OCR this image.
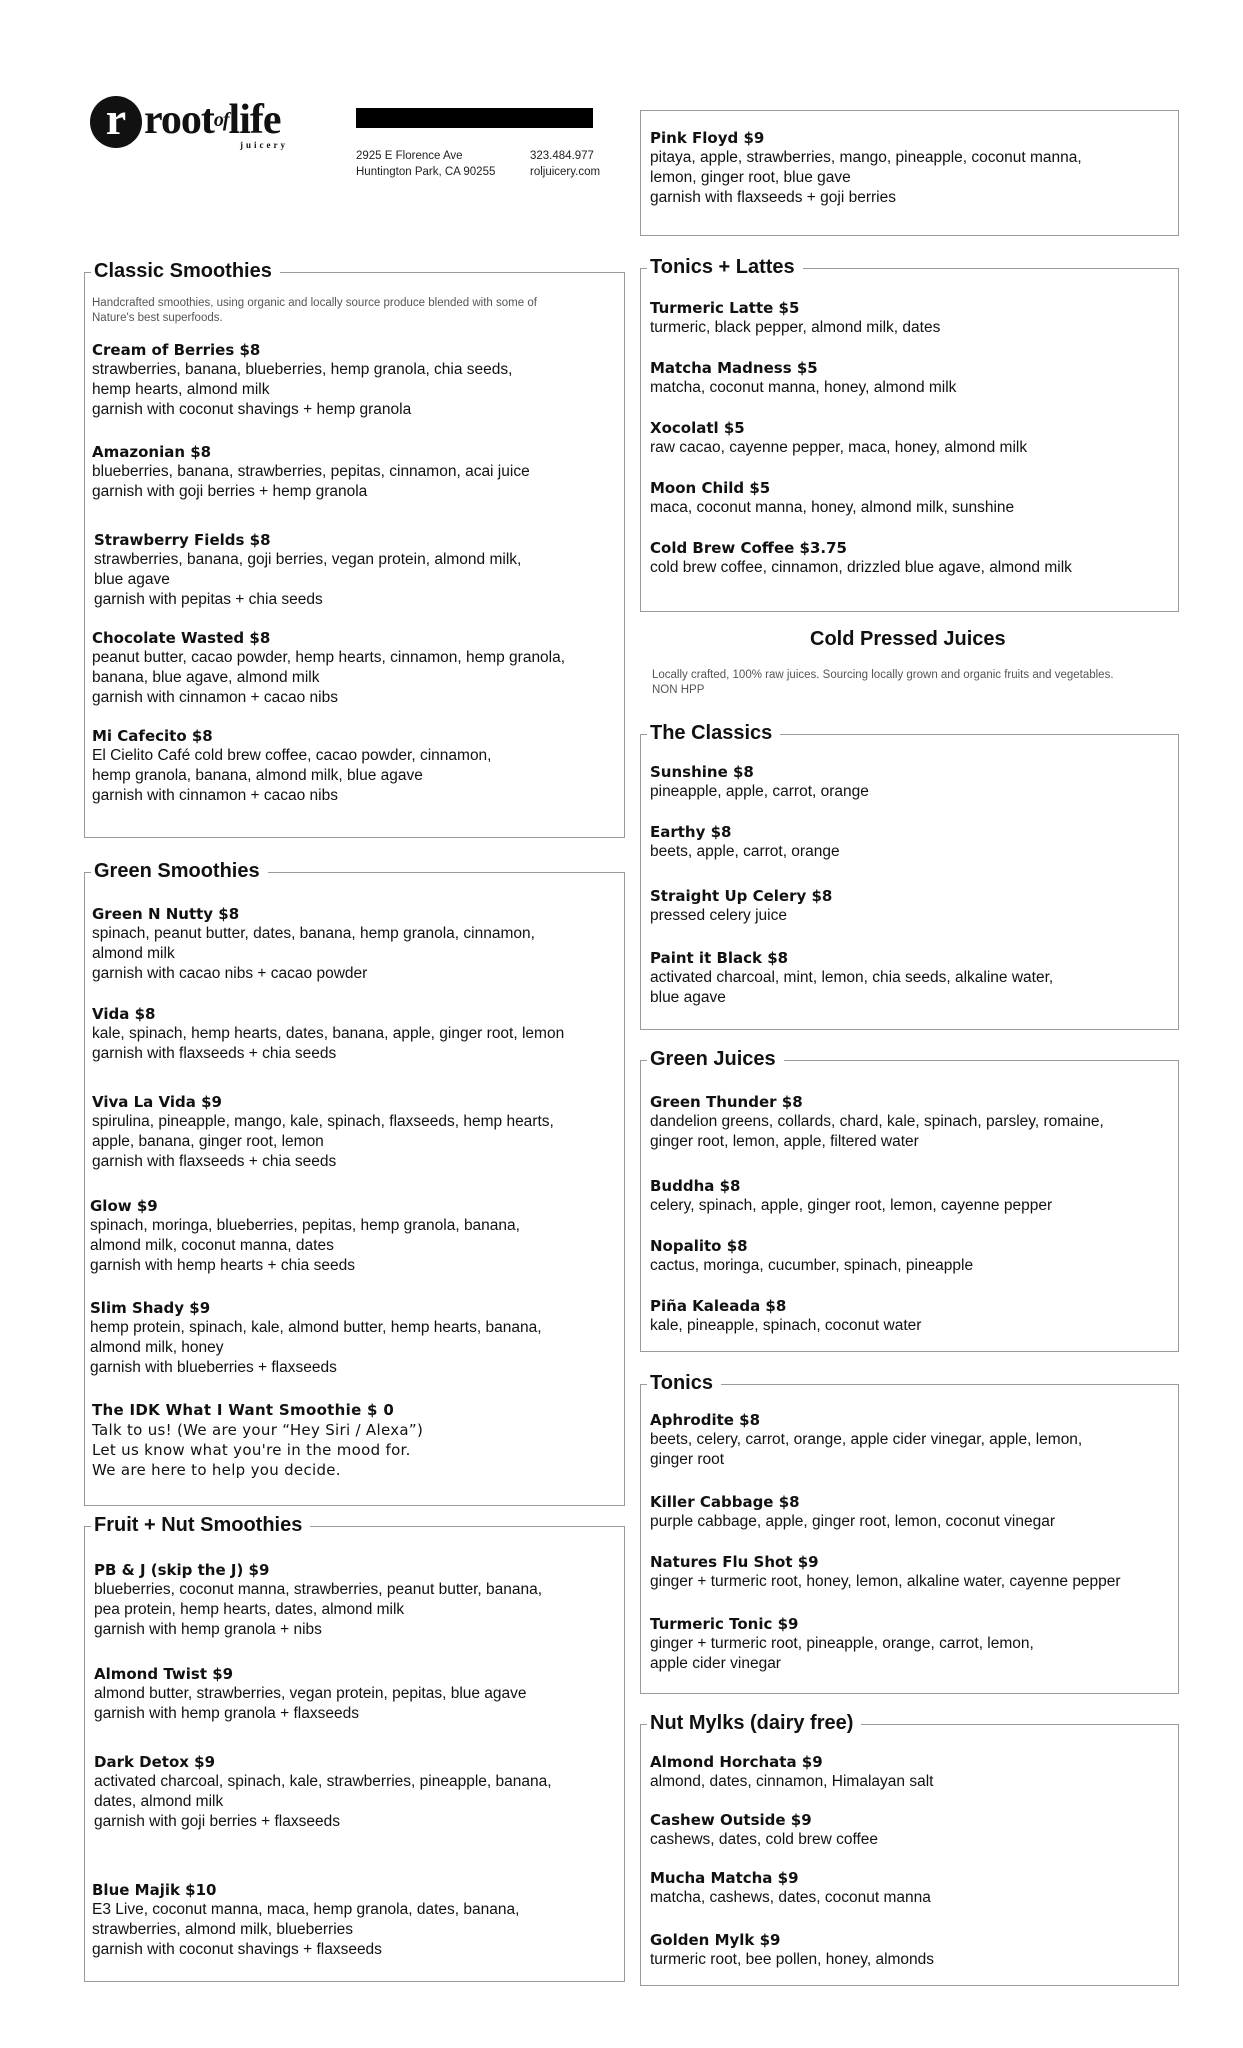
r root$^{of}$life
juicery
2925 E Florence Ave
Huntington Park, CA 90255
323.484.977
roljuicery.com
Classic Smoothies
Handcrafted smoothies, using organic and locally source produce blended with some of
Nature's best superfoods.
Cream of Berries $8
strawberries, banana, blueberries, hemp granola, chia seeds,
hemp hearts, almond milk
garnish with coconut shavings + hemp granola
Amazonian $8
blueberries, banana, strawberries, pepitas, cinnamon, acai juice
garnish with goji berries + hemp granola
Strawberry Fields $8
strawberries, banana, goji berries, vegan protein, almond milk,
blue agave
garnish with pepitas + chia seeds
Chocolate Wasted $8
peanut butter, cacao powder, hemp hearts, cinnamon, hemp granola,
banana, blue agave, almond milk
garnish with cinnamon + cacao nibs
Mi Cafecito $8
El Cielito Café cold brew coffee, cacao powder, cinnamon,
hemp granola, banana, almond milk, blue agave
garnish with cinnamon + cacao nibs
Green Smoothies
Green N Nutty $8
spinach, peanut butter, dates, banana, hemp granola, cinnamon,
almond milk
garnish with cacao nibs + cacao powder
Vida $8
kale, spinach, hemp hearts, dates, banana, apple, ginger root, lemon
garnish with flaxseeds + chia seeds
Viva La Vida $9
spirulina, pineapple, mango, kale, spinach, flaxseeds, hemp hearts,
apple, banana, ginger root, lemon
garnish with flaxseeds + chia seeds
Glow $9
spinach, moringa, blueberries, pepitas, hemp granola, banana,
almond milk, coconut manna, dates
garnish with hemp hearts + chia seeds
Slim Shady $9
hemp protein, spinach, kale, almond butter, hemp hearts, banana,
almond milk, honey
garnish with blueberries + flaxseeds
The IDK What I Want Smoothie $ 0
Talk to us! (We are your “Hey Siri / Alexa”)
Let us know what you're in the mood for.
We are here to help you decide.
Fruit + Nut Smoothies
PB & J (skip the J) $9
blueberries, coconut manna, strawberries, peanut butter, banana,
pea protein, hemp hearts, dates, almond milk
garnish with hemp granola + nibs
Almond Twist $9
almond butter, strawberries, vegan protein, pepitas, blue agave
garnish with hemp granola + flaxseeds
Dark Detox $9
activated charcoal, spinach, kale, strawberries, pineapple, banana,
dates, almond milk
garnish with goji berries + flaxseeds
Blue Majik $10
E3 Live, coconut manna, maca, hemp granola, dates, banana,
strawberries, almond milk, blueberries
garnish with coconut shavings + flaxseeds
Pink Floyd $9
pitaya, apple, strawberries, mango, pineapple, coconut manna,
lemon, ginger root, blue gave
garnish with flaxseeds + goji berries
Tonics + Lattes
Turmeric Latte $5
turmeric, black pepper, almond milk, dates
Matcha Madness $5
matcha, coconut manna, honey, almond milk
Xocolatl $5
raw cacao, cayenne pepper, maca, honey, almond milk
Moon Child $5
maca, coconut manna, honey, almond milk, sunshine
Cold Brew Coffee $3.75
cold brew coffee, cinnamon, drizzled blue agave, almond milk
Cold Pressed Juices
Locally crafted, 100% raw juices. Sourcing locally grown and organic fruits and vegetables.
NON HPP
The Classics
Sunshine $8
pineapple, apple, carrot, orange
Earthy $8
beets, apple, carrot, orange
Straight Up Celery $8
pressed celery juice
Paint it Black $8
activated charcoal, mint, lemon, chia seeds, alkaline water,
blue agave
Green Juices
Green Thunder $8
dandelion greens, collards, chard, kale, spinach, parsley, romaine,
ginger root, lemon, apple, filtered water
Buddha $8
celery, spinach, apple, ginger root, lemon, cayenne pepper
Nopalito $8
cactus, moringa, cucumber, spinach, pineapple
Piña Kaleada $8
kale, pineapple, spinach, coconut water
Tonics
Aphrodite $8
beets, celery, carrot, orange, apple cider vinegar, apple, lemon,
ginger root
Killer Cabbage $8
purple cabbage, apple, ginger root, lemon, coconut vinegar
Natures Flu Shot $9
ginger + turmeric root, honey, lemon, alkaline water, cayenne pepper
Turmeric Tonic $9
ginger + turmeric root, pineapple, orange, carrot, lemon,
apple cider vinegar
Nut Mylks (dairy free)
Almond Horchata $9
almond, dates, cinnamon, Himalayan salt
Cashew Outside $9
cashews, dates, cold brew coffee
Mucha Matcha $9
matcha, cashews, dates, coconut manna
Golden Mylk $9
turmeric root, bee pollen, honey, almonds
